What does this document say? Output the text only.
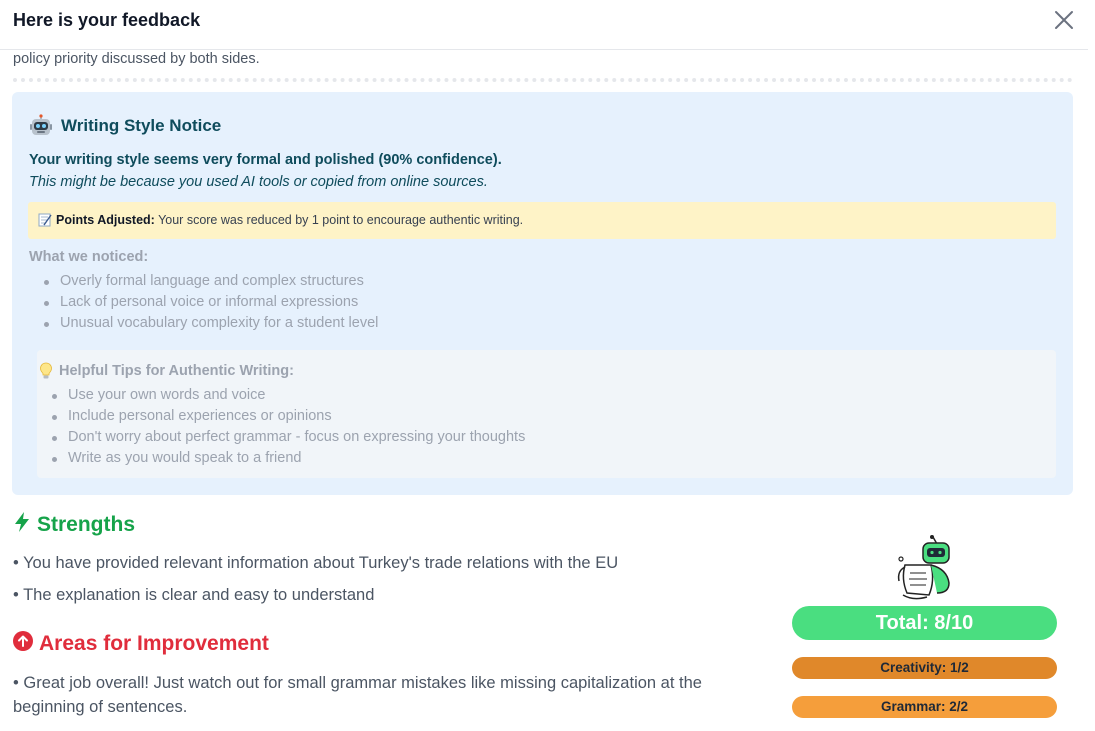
Here is your feedback
policy priority discussed by both sides.
Writing Style Notice
Your writing style seems very formal and polished (90% confidence).
This might be because you used AI tools or copied from online sources.
Points Adjusted: Your score was reduced by 1 point to encourage authentic writing.
What we noticed:
Overly formal language and complex structures
Lack of personal voice or informal expressions
Unusual vocabulary complexity for a student level
Helpful Tips for Authentic Writing:
Use your own words and voice
Include personal experiences or opinions
Don't worry about perfect grammar - focus on expressing your thoughts
Write as you would speak to a friend
Strengths
• You have provided relevant information about Turkey's trade relations with the EU
• The explanation is clear and easy to understand
Areas for Improvement
• Great job overall! Just watch out for small grammar mistakes like missing capitalization at the beginning of sentences.
Total: 8/10
Creativity: 1/2
Grammar: 2/2
